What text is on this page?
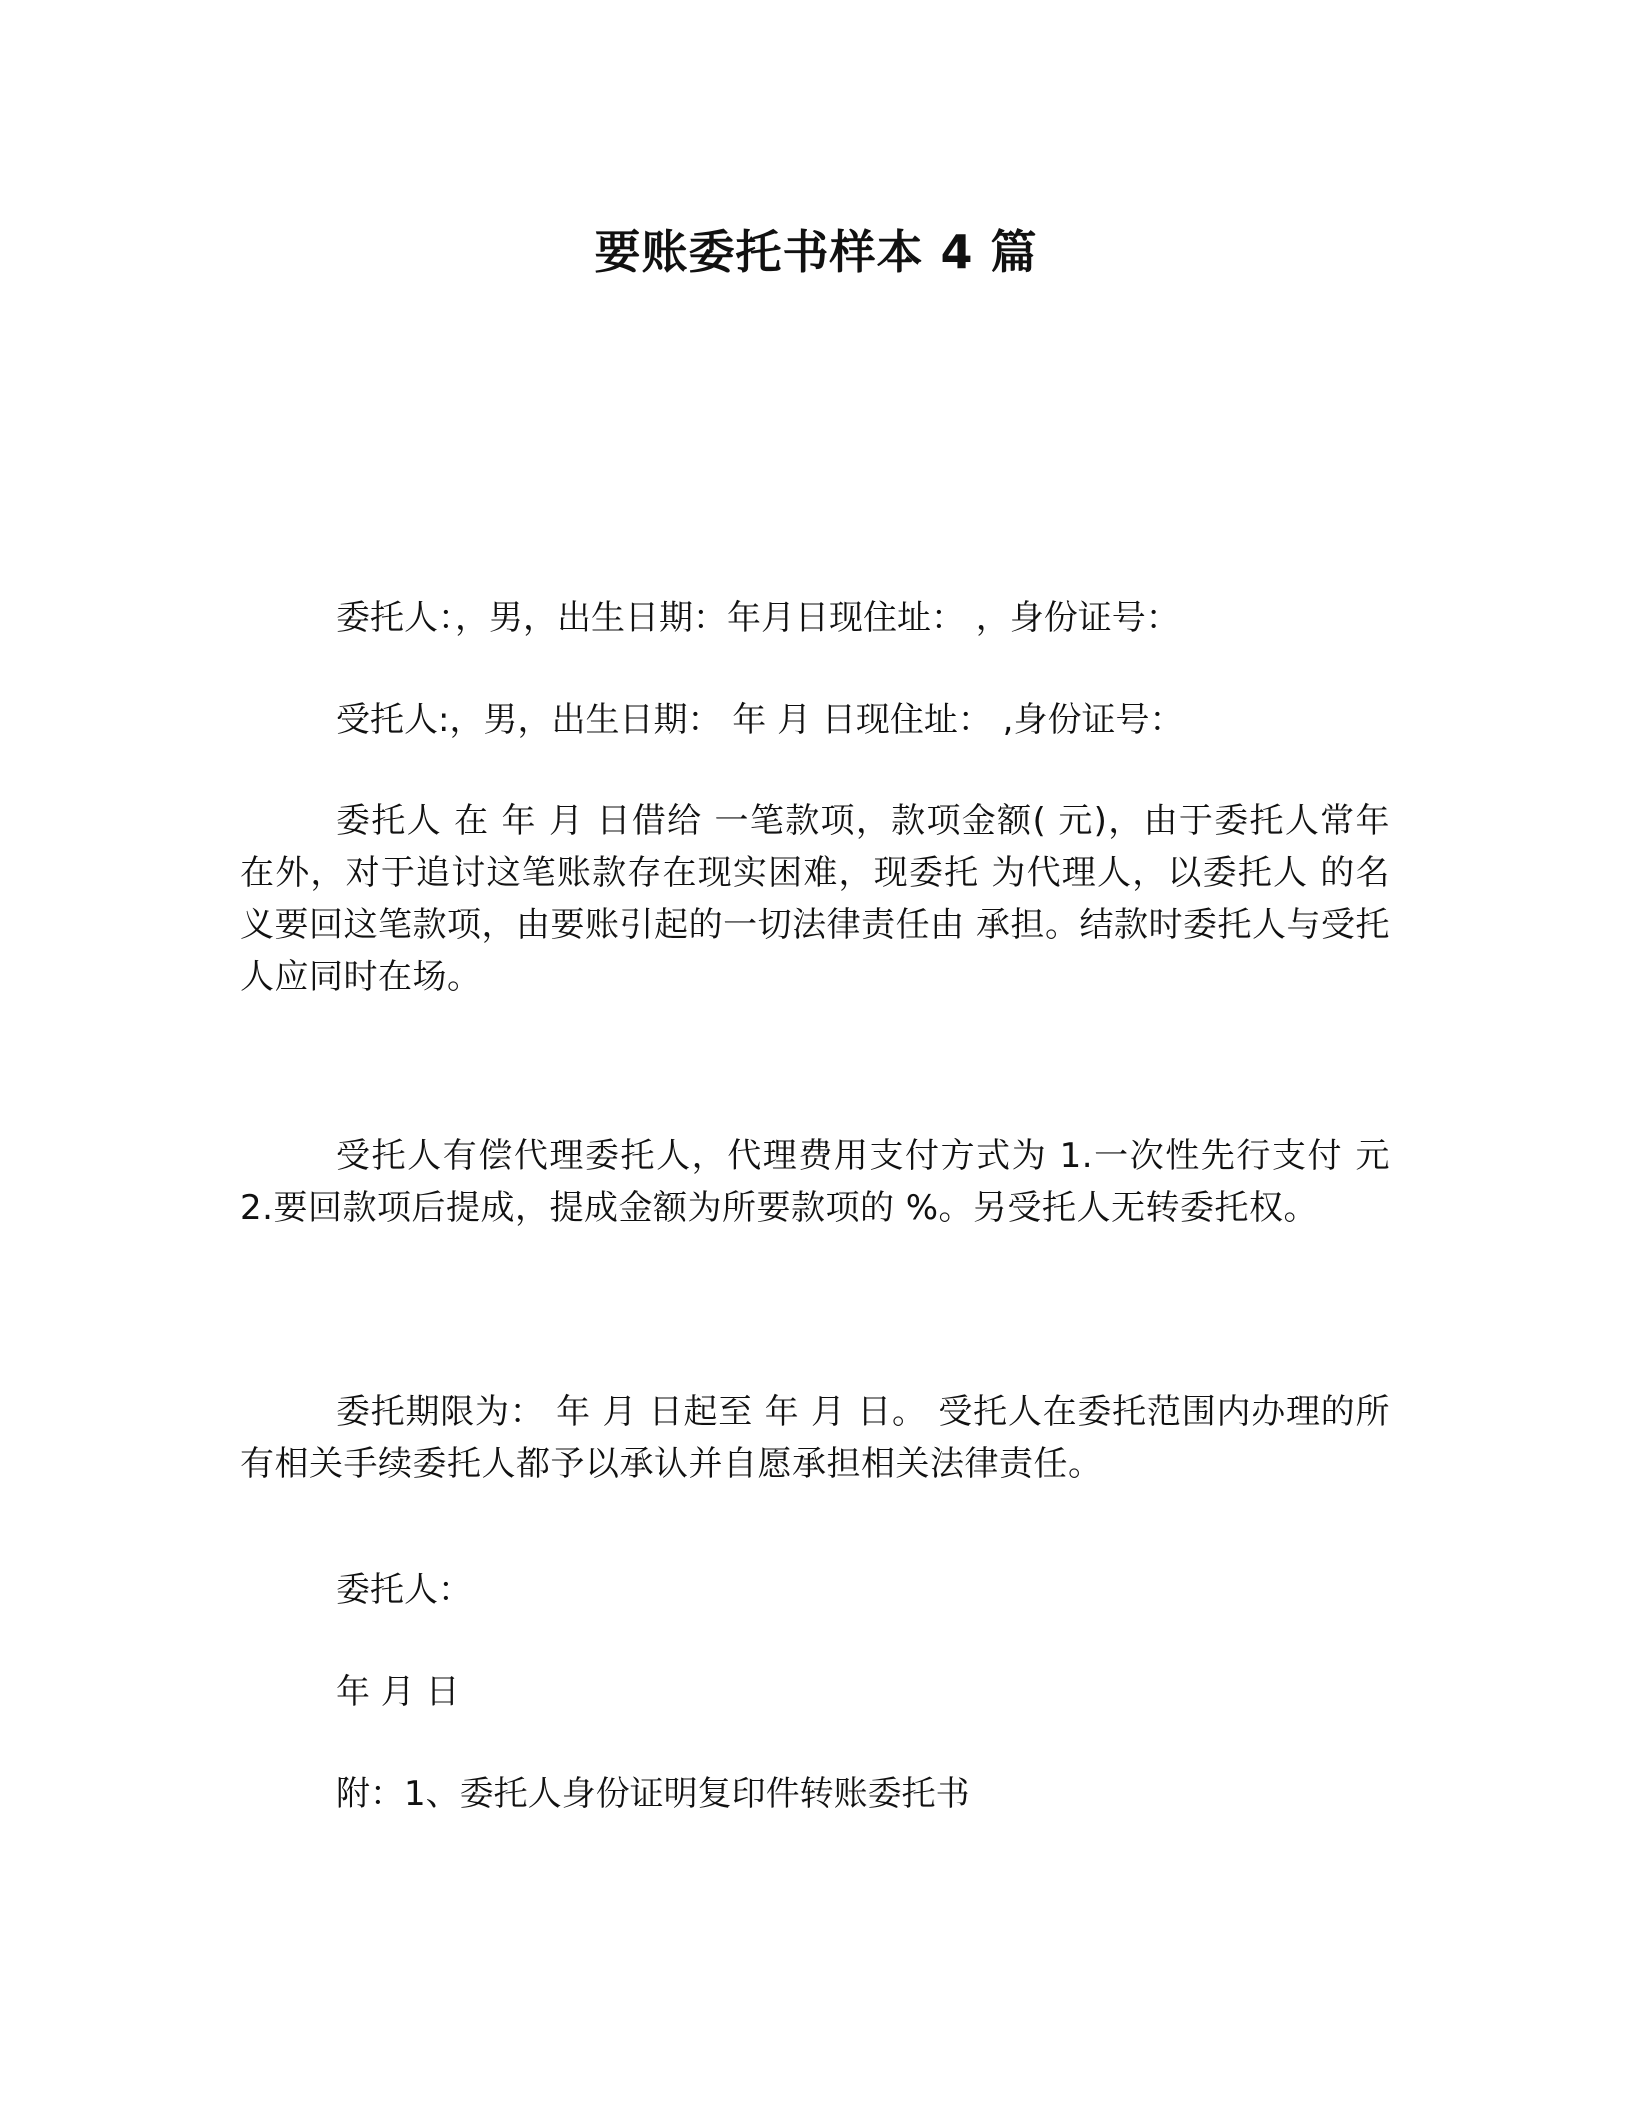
要账委托书样本 4 篇

委托人：，男，出生日期：年月日现住址： ，身份证号：

受托人:，男，出生日期： 年 月 日现住址： ,身份证号：

委托人 在 年 月 日借给 一笔款项，款项金额( 元)，由于委托人常年在外，对于追讨这笔账款存在现实困难，现委托 为代理人，以委托人 的名义要回这笔款项，由要账引起的一切法律责任由 承担。结款时委托人与受托人应同时在场。

受托人有偿代理委托人，代理费用支付方式为 1.一次性先行支付 元 2.要回款项后提成，提成金额为所要款项的 %。另受托人无转委托权。

委托期限为： 年 月 日起至 年 月 日。 受托人在委托范围内办理的所有相关手续委托人都予以承认并自愿承担相关法律责任。

委托人：

年 月 日

附：1、委托人身份证明复印件转账委托书
